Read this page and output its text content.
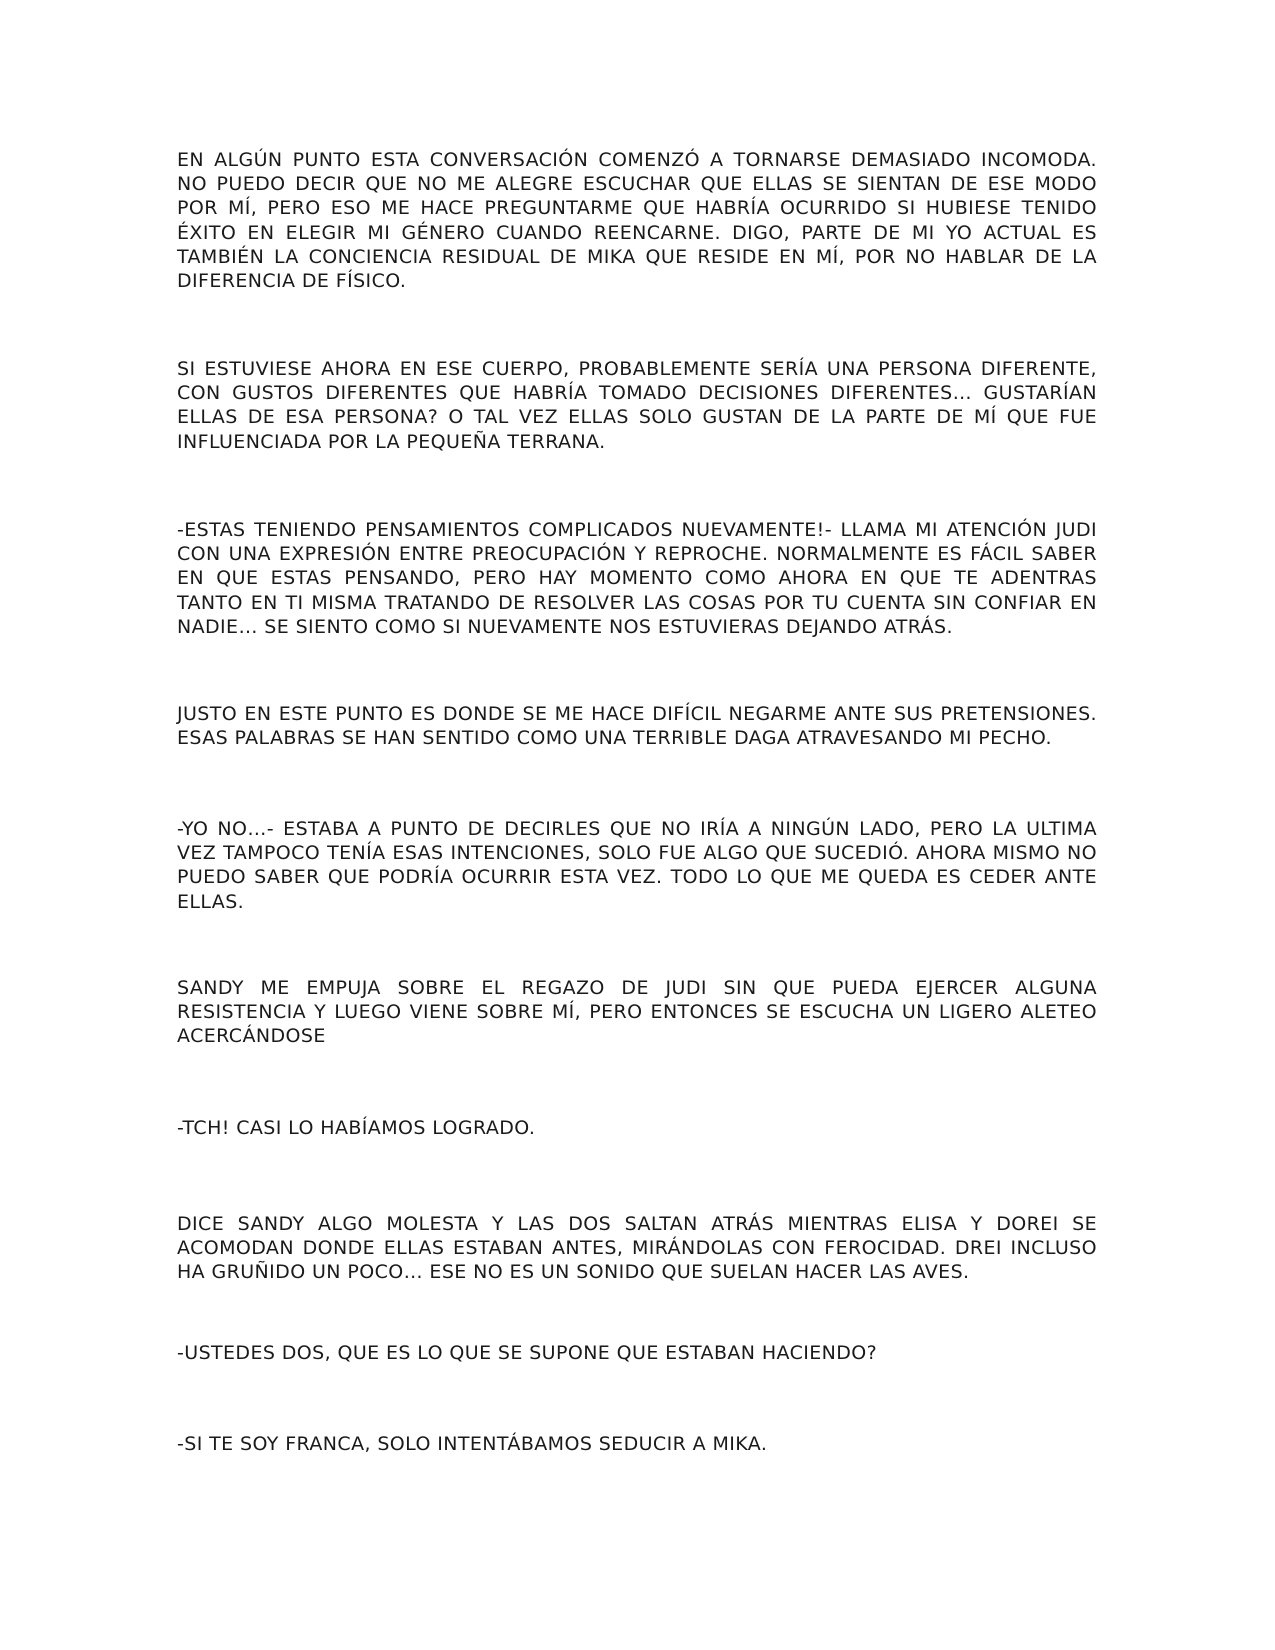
EN ALGÚN PUNTO ESTA CONVERSACIÓN COMENZÓ A TORNARSE DEMASIADO INCOMODA. NO PUEDO DECIR QUE NO ME ALEGRE ESCUCHAR QUE ELLAS SE SIENTAN DE ESE MODO POR MÍ, PERO ESO ME HACE PREGUNTARME QUE HABRÍA OCURRIDO SI HUBIESE TENIDO ÉXITO EN ELEGIR MI GÉNERO CUANDO REENCARNE. DIGO, PARTE DE MI YO ACTUAL ES TAMBIÉN LA CONCIENCIA RESIDUAL DE MIKA QUE RESIDE EN MÍ, POR NO HABLAR DE LA DIFERENCIA DE FÍSICO.

SI ESTUVIESE AHORA EN ESE CUERPO, PROBABLEMENTE SERÍA UNA PERSONA DIFERENTE, CON GUSTOS DIFERENTES QUE HABRÍA TOMADO DECISIONES DIFERENTES… GUSTARÍAN ELLAS DE ESA PERSONA? O TAL VEZ ELLAS SOLO GUSTAN DE LA PARTE DE MÍ QUE FUE INFLUENCIADA POR LA PEQUEÑA TERRANA.

-ESTAS TENIENDO PENSAMIENTOS COMPLICADOS NUEVAMENTE!- LLAMA MI ATENCIÓN JUDI CON UNA EXPRESIÓN ENTRE PREOCUPACIÓN Y REPROCHE. NORMALMENTE ES FÁCIL SABER EN QUE ESTAS PENSANDO, PERO HAY MOMENTO COMO AHORA EN QUE TE ADENTRAS TANTO EN TI MISMA TRATANDO DE RESOLVER LAS COSAS POR TU CUENTA SIN CONFIAR EN NADIE… SE SIENTO COMO SI NUEVAMENTE NOS ESTUVIERAS DEJANDO ATRÁS.

JUSTO EN ESTE PUNTO ES DONDE SE ME HACE DIFÍCIL NEGARME ANTE SUS PRETENSIONES. ESAS PALABRAS SE HAN SENTIDO COMO UNA TERRIBLE DAGA ATRAVESANDO MI PECHO.

-YO NO…- ESTABA A PUNTO DE DECIRLES QUE NO IRÍA A NINGÚN LADO, PERO LA ULTIMA VEZ TAMPOCO TENÍA ESAS INTENCIONES, SOLO FUE ALGO QUE SUCEDIÓ. AHORA MISMO NO PUEDO SABER QUE PODRÍA OCURRIR ESTA VEZ. TODO LO QUE ME QUEDA ES CEDER ANTE ELLAS.

SANDY ME EMPUJA SOBRE EL REGAZO DE JUDI SIN QUE PUEDA EJERCER ALGUNA RESISTENCIA Y LUEGO VIENE SOBRE MÍ, PERO ENTONCES SE ESCUCHA UN LIGERO ALETEO ACERCÁNDOSE

-TCH! CASI LO HABÍAMOS LOGRADO.

DICE SANDY ALGO MOLESTA Y LAS DOS SALTAN ATRÁS MIENTRAS ELISA Y DOREI SE ACOMODAN DONDE ELLAS ESTABAN ANTES, MIRÁNDOLAS CON FEROCIDAD. DREI INCLUSO HA GRUÑIDO UN POCO… ESE NO ES UN SONIDO QUE SUELAN HACER LAS AVES.

-USTEDES DOS, QUE ES LO QUE SE SUPONE QUE ESTABAN HACIENDO?

-SI TE SOY FRANCA, SOLO INTENTÁBAMOS SEDUCIR A MIKA.
